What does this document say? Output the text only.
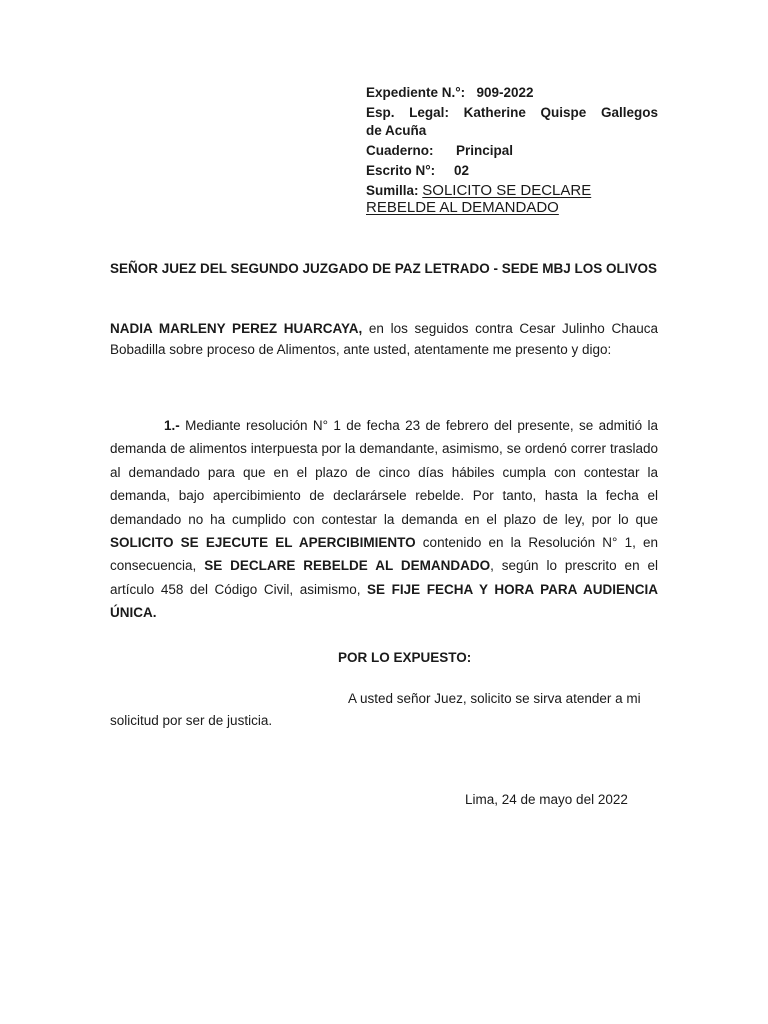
Expediente N.°: 909-2022
Esp. Legal: Katherine Quispe Gallegos
de Acuña
Cuaderno: Principal
Escrito N°: 02
Sumilla: SOLICITO SE DECLARE
REBELDE AL DEMANDADO
SEÑOR JUEZ DEL SEGUNDO JUZGADO DE PAZ LETRADO - SEDE MBJ LOS OLIVOS
NADIA MARLENY PEREZ HUARCAYA, en los seguidos contra Cesar Julinho Chauca Bobadilla sobre proceso de Alimentos, ante usted, atentamente me presento y digo:
1.- Mediante resolución N° 1 de fecha 23 de febrero del presente, se admitió la demanda de alimentos interpuesta por la demandante, asimismo, se ordenó correr traslado al demandado para que en el plazo de cinco días hábiles cumpla con contestar la demanda, bajo apercibimiento de declarársele rebelde. Por tanto, hasta la fecha el demandado no ha cumplido con contestar la demanda en el plazo de ley, por lo que SOLICITO SE EJECUTE EL APERCIBIMIENTO contenido en la Resolución N° 1, en consecuencia, SE DECLARE REBELDE AL DEMANDADO, según lo prescrito en el artículo 458 del Código Civil, asimismo, SE FIJE FECHA Y HORA PARA AUDIENCIA ÚNICA.
POR LO EXPUESTO:
A usted señor Juez, solicito se sirva atender a mi solicitud por ser de justicia.
Lima, 24 de mayo del 2022
